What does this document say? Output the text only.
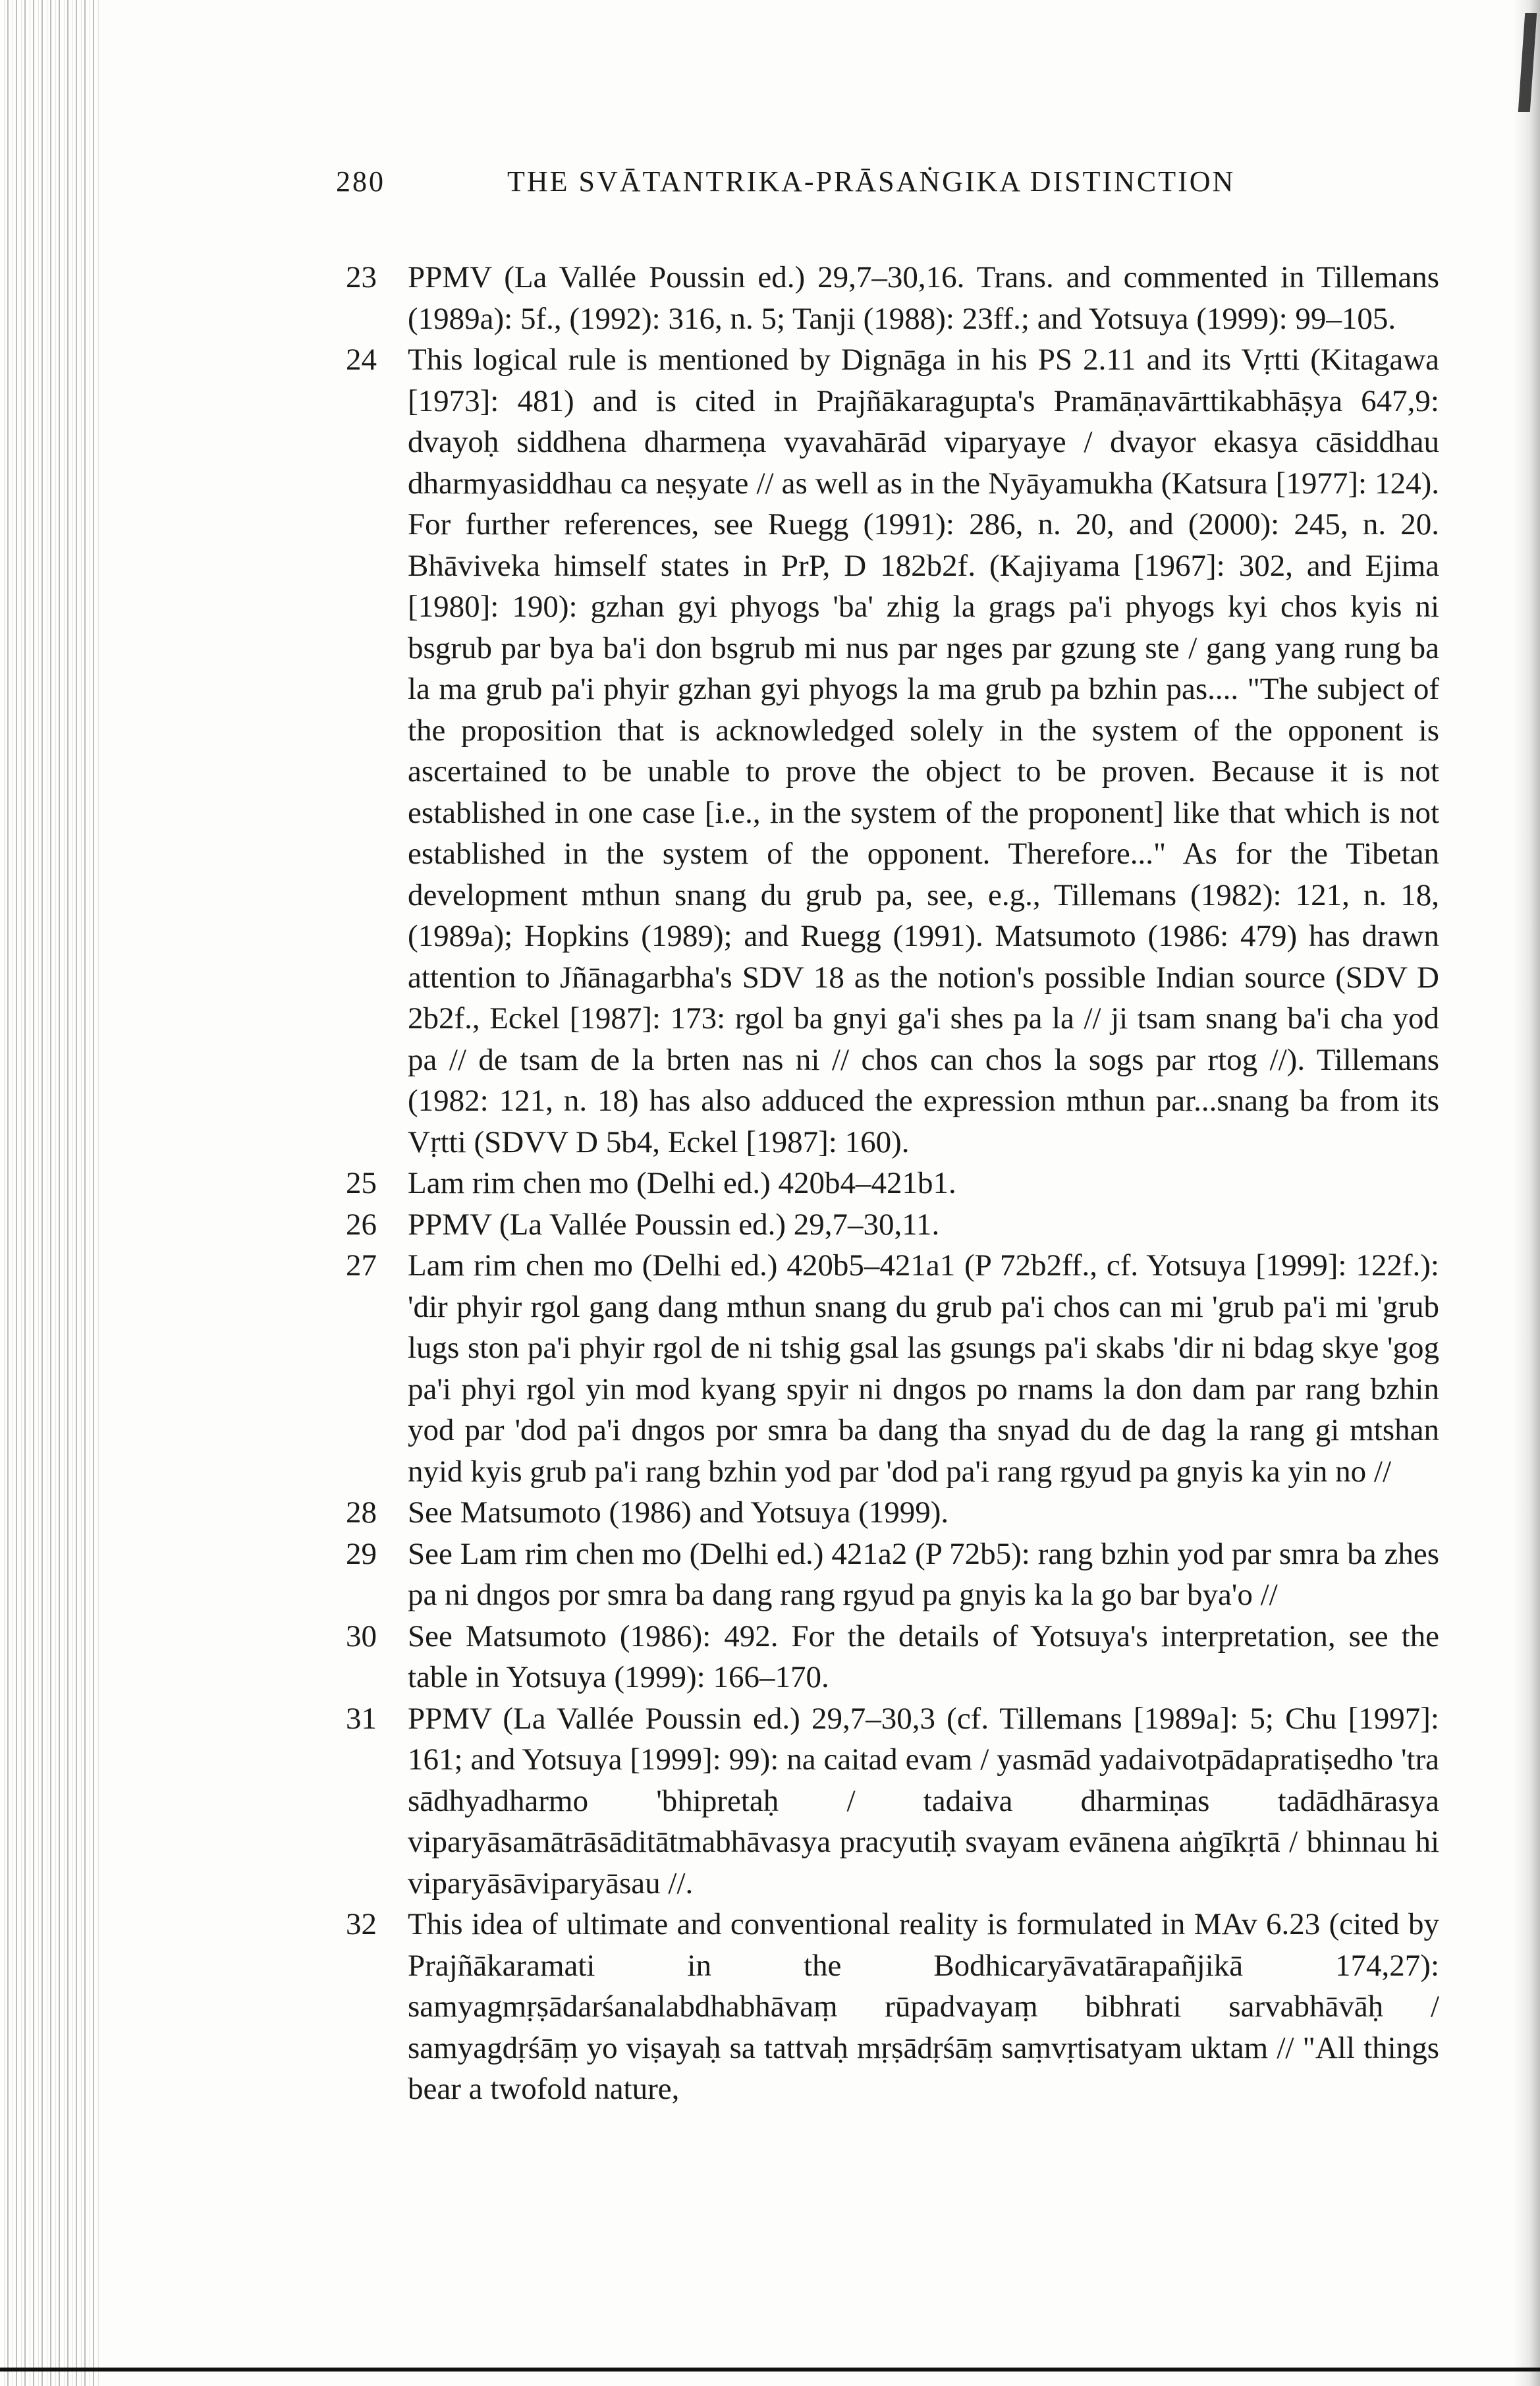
280	THE SVĀTANTRIKA-PRĀSAṄGIKA DISTINCTION

23	PPMV (La Vallée Poussin ed.) 29,7–30,16. Trans. and commented in Tillemans (1989a): 5f., (1992): 316, n. 5; Tanji (1988): 23ff.; and Yotsuya (1999): 99–105.

24	This logical rule is mentioned by Dignāga in his PS 2.11 and its Vṛtti (Kitagawa [1973]: 481) and is cited in Prajñākaragupta's Pramāṇavārttikabhāṣya 647,9: dvayoḥ siddhena dharmeṇa vyavahārād viparyaye / dvayor ekasya cāsiddhau dharmyasiddhau ca neṣyate // as well as in the Nyāyamukha (Katsura [1977]: 124). For further references, see Ruegg (1991): 286, n. 20, and (2000): 245, n. 20. Bhāviveka himself states in PrP, D 182b2f. (Kajiyama [1967]: 302, and Ejima [1980]: 190): gzhan gyi phyogs 'ba' zhig la grags pa'i phyogs kyi chos kyis ni bsgrub par bya ba'i don bsgrub mi nus par nges par gzung ste / gang yang rung ba la ma grub pa'i phyir gzhan gyi phyogs la ma grub pa bzhin pas.... "The subject of the proposition that is acknowledged solely in the system of the opponent is ascertained to be unable to prove the object to be proven. Because it is not established in one case [i.e., in the system of the proponent] like that which is not established in the system of the opponent. Therefore..." As for the Tibetan development mthun snang du grub pa, see, e.g., Tillemans (1982): 121, n. 18, (1989a); Hopkins (1989); and Ruegg (1991). Matsumoto (1986: 479) has drawn attention to Jñānagarbha's SDV 18 as the notion's possible Indian source (SDV D 2b2f., Eckel [1987]: 173: rgol ba gnyi ga'i shes pa la // ji tsam snang ba'i cha yod pa // de tsam de la brten nas ni // chos can chos la sogs par rtog //). Tillemans (1982: 121, n. 18) has also adduced the expression mthun par...snang ba from its Vṛtti (SDVV D 5b4, Eckel [1987]: 160).

25	Lam rim chen mo (Delhi ed.) 420b4–421b1.

26	PPMV (La Vallée Poussin ed.) 29,7–30,11.

27	Lam rim chen mo (Delhi ed.) 420b5–421a1 (P 72b2ff., cf. Yotsuya [1999]: 122f.): 'dir phyir rgol gang dang mthun snang du grub pa'i chos can mi 'grub pa'i mi 'grub lugs ston pa'i phyir rgol de ni tshig gsal las gsungs pa'i skabs 'dir ni bdag skye 'gog pa'i phyi rgol yin mod kyang spyir ni dngos po rnams la don dam par rang bzhin yod par 'dod pa'i dngos por smra ba dang tha snyad du de dag la rang gi mtshan nyid kyis grub pa'i rang bzhin yod par 'dod pa'i rang rgyud pa gnyis ka yin no //

28	See Matsumoto (1986) and Yotsuya (1999).

29	See Lam rim chen mo (Delhi ed.) 421a2 (P 72b5): rang bzhin yod par smra ba zhes pa ni dngos por smra ba dang rang rgyud pa gnyis ka la go bar bya'o //

30	See Matsumoto (1986): 492. For the details of Yotsuya's interpretation, see the table in Yotsuya (1999): 166–170.

31	PPMV (La Vallée Poussin ed.) 29,7–30,3 (cf. Tillemans [1989a]: 5; Chu [1997]: 161; and Yotsuya [1999]: 99): na caitad evam / yasmād yadaivotpādapratiṣedho 'tra sādhyadharmo 'bhipretaḥ / tadaiva dharmiṇas tadādhārasya viparyāsamātrāsāditātmabhāvasya pracyutiḥ svayam evānena aṅgīkṛtā / bhinnau hi viparyāsāviparyāsau //.

32	This idea of ultimate and conventional reality is formulated in MAv 6.23 (cited by Prajñākaramati in the Bodhicaryāvatārapañjikā 174,27): samyagmṛṣādarśanalabdhabhāvaṃ rūpadvayaṃ bibhrati sarvabhāvāḥ / samyagdṛśāṃ yo viṣayaḥ sa tattvaḥ mṛṣādṛśāṃ saṃvṛtisatyam uktam // "All things bear a twofold nature,
